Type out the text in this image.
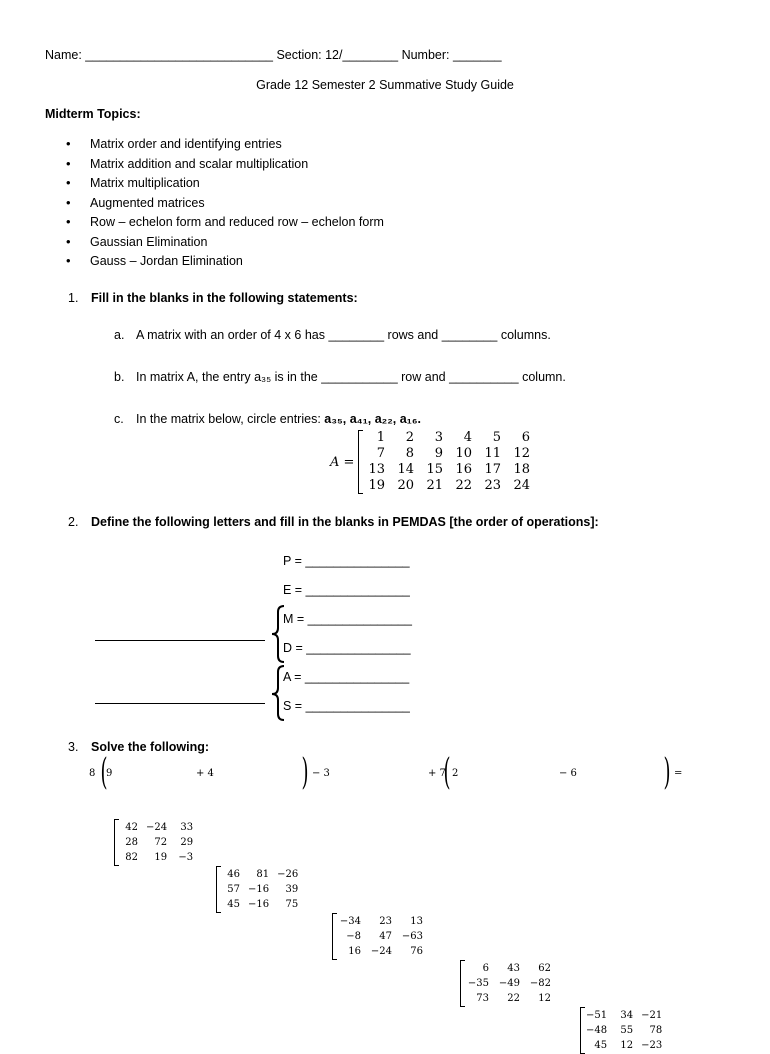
Name: ___________________________ Section: 12/________ Number: _______
Grade 12 Semester 2 Summative Study Guide
Midterm Topics:
• Matrix order and identifying entries
• Matrix addition and scalar multiplication
• Matrix multiplication
• Augmented matrices
• Row – echelon form and reduced row – echelon form
• Gaussian Elimination
• Gauss – Jordan Elimination
1. Fill in the blanks in the following statements:
a. A matrix with an order of 4 x 6 has ________ rows and ________ columns.
b. In matrix A, the entry a₃₅ is in the ___________ row and __________ column.
c. In the matrix below, circle entries: a₃₅, a₄₁, a₂₂, a₁₆.
A =
1	2	3	4	5	6
7	8	9	10	11	12
13	14	15	16	17	18
19	20	21	22	23	24
2. Define the following letters and fill in the blanks in PEMDAS [the order of operations]:
P = _______________
E = _______________
M = _______________
D = _______________
A = _______________
S = _______________
3. Solve the following:
8 (
9
42	−24	33
28	72	29
82	19	−3
+ 4
46	81	−26
57	−16	39
45	−16	75
) − 3
−34	23	13
−8	47	−63
16	−24	76
+ 7
( 2
6	43	62
−35	−49	−82
73	22	12
− 6
−51	34	−21
−48	55	78
45	12	−23
) =
